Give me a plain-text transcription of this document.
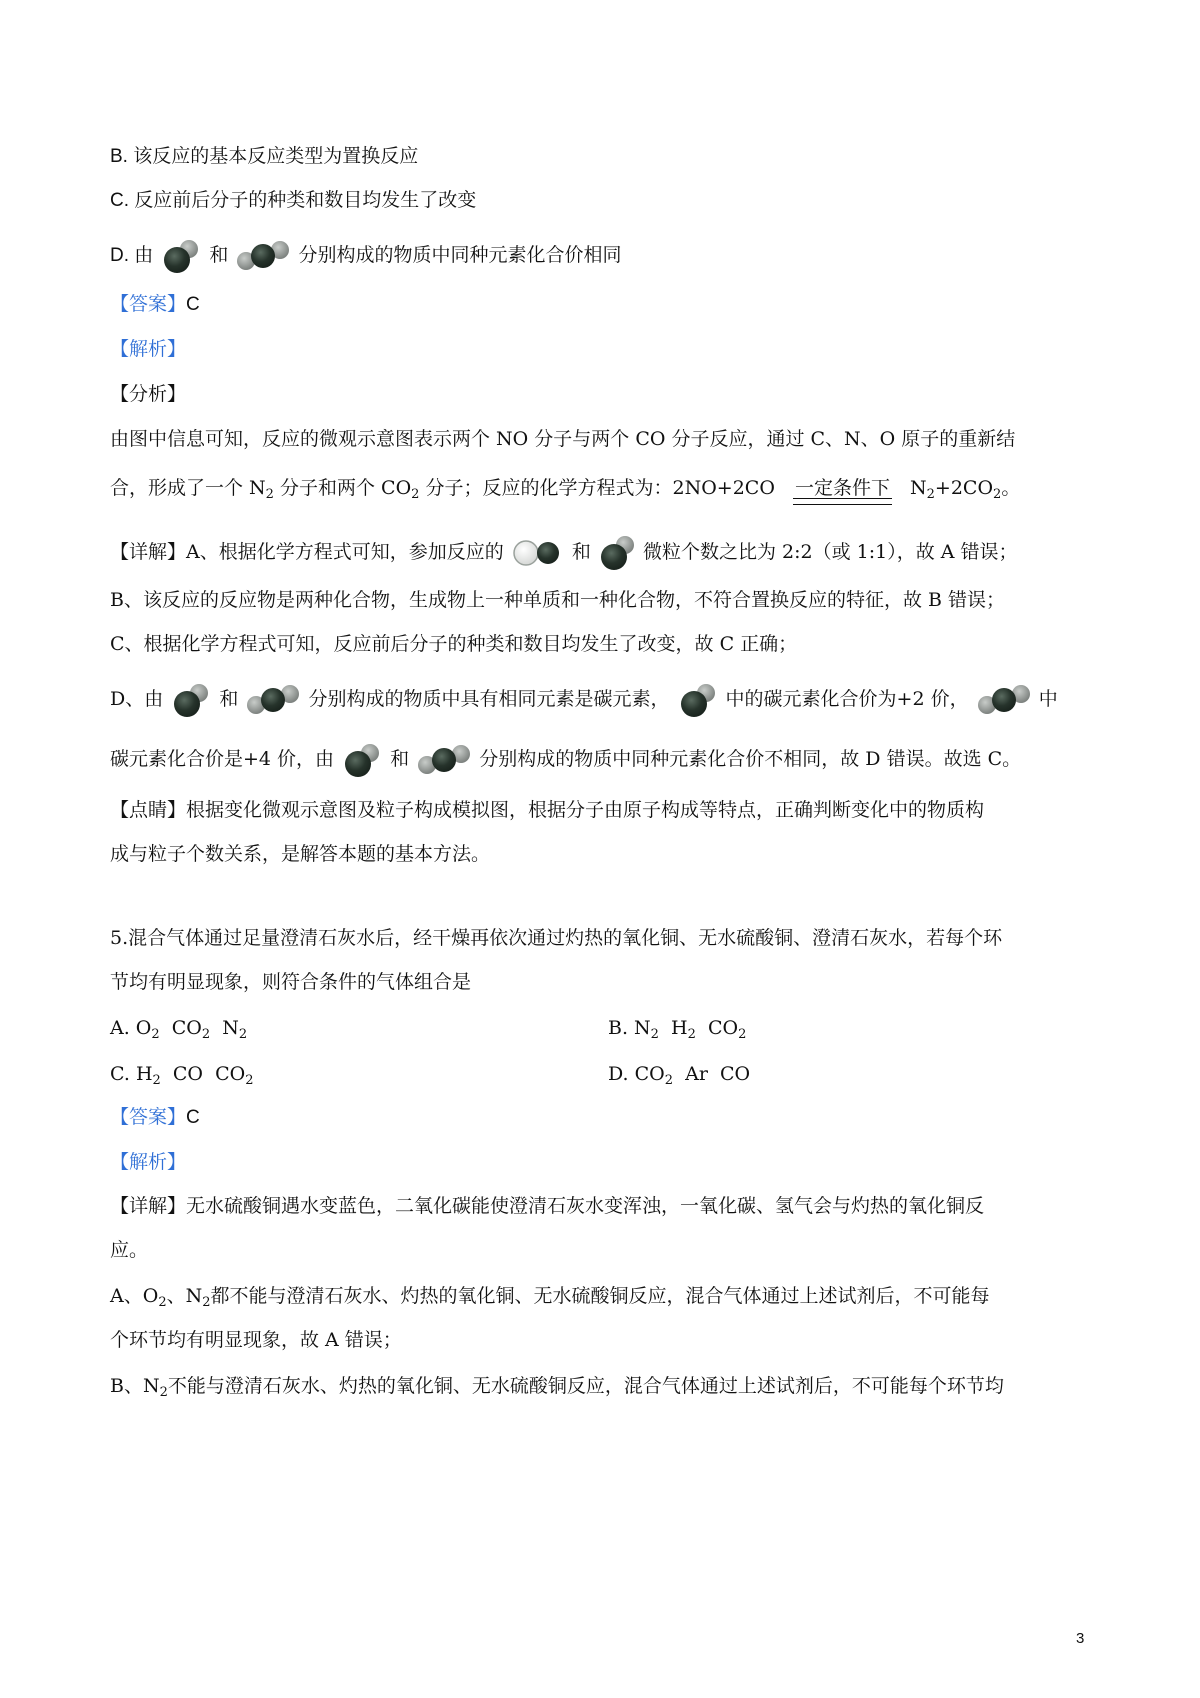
B. 该反应的基本反应类型为置换反应
C. 反应前后分子的种类和数目均发生了改变
D. 由	和	分别构成的物质中同种元素化合价相同
【答案】C
【解析】
【分析】
由图中信息可知，反应的微观示意图表示两个 NO 分子与两个 CO 分子反应，通过 C、N、O 原子的重新结
合，形成了一个 $N_2$ 分子和两个 $CO_2$ 分子；反应的化学方程式为：2NO+2CO 一定条件下 $N_2+2CO_2$。
【详解】A、根据化学方程式可知，参加反应的	和	微粒个数之比为 2:2（或 1:1），故 A 错误；
B、该反应的反应物是两种化合物，生成物上一种单质和一种化合物，不符合置换反应的特征，故 B 错误；
C、根据化学方程式可知，反应前后分子的种类和数目均发生了改变，故 C 正确；
D、由	和	分别构成的物质中具有相同元素是碳元素，	中的碳元素化合价为+2 价，	中
碳元素化合价是+4 价，由	和	分别构成的物质中同种元素化合价不相同，故 D 错误。故选 C。
【点睛】根据变化微观示意图及粒子构成模拟图，根据分子由原子构成等特点，正确判断变化中的物质构
成与粒子个数关系，是解答本题的基本方法。
5.混合气体通过足量澄清石灰水后，经干燥再依次通过灼热的氧化铜、无水硫酸铜、澄清石灰水，若每个环
节均有明显现象，则符合条件的气体组合是
A. $O_2$  $CO_2$  $N_2$	B. $N_2$  $H_2$  $CO_2$
C. $H_2$  CO  $CO_2$	D. $CO_2$  Ar  CO
【答案】C
【解析】
【详解】无水硫酸铜遇水变蓝色，二氧化碳能使澄清石灰水变浑浊，一氧化碳、氢气会与灼热的氧化铜反
应。
A、$O_2$、$N_2$都不能与澄清石灰水、灼热的氧化铜、无水硫酸铜反应，混合气体通过上述试剂后，不可能每
个环节均有明显现象，故 A 错误；
B、$N_2$不能与澄清石灰水、灼热的氧化铜、无水硫酸铜反应，混合气体通过上述试剂后，不可能每个环节均
3
